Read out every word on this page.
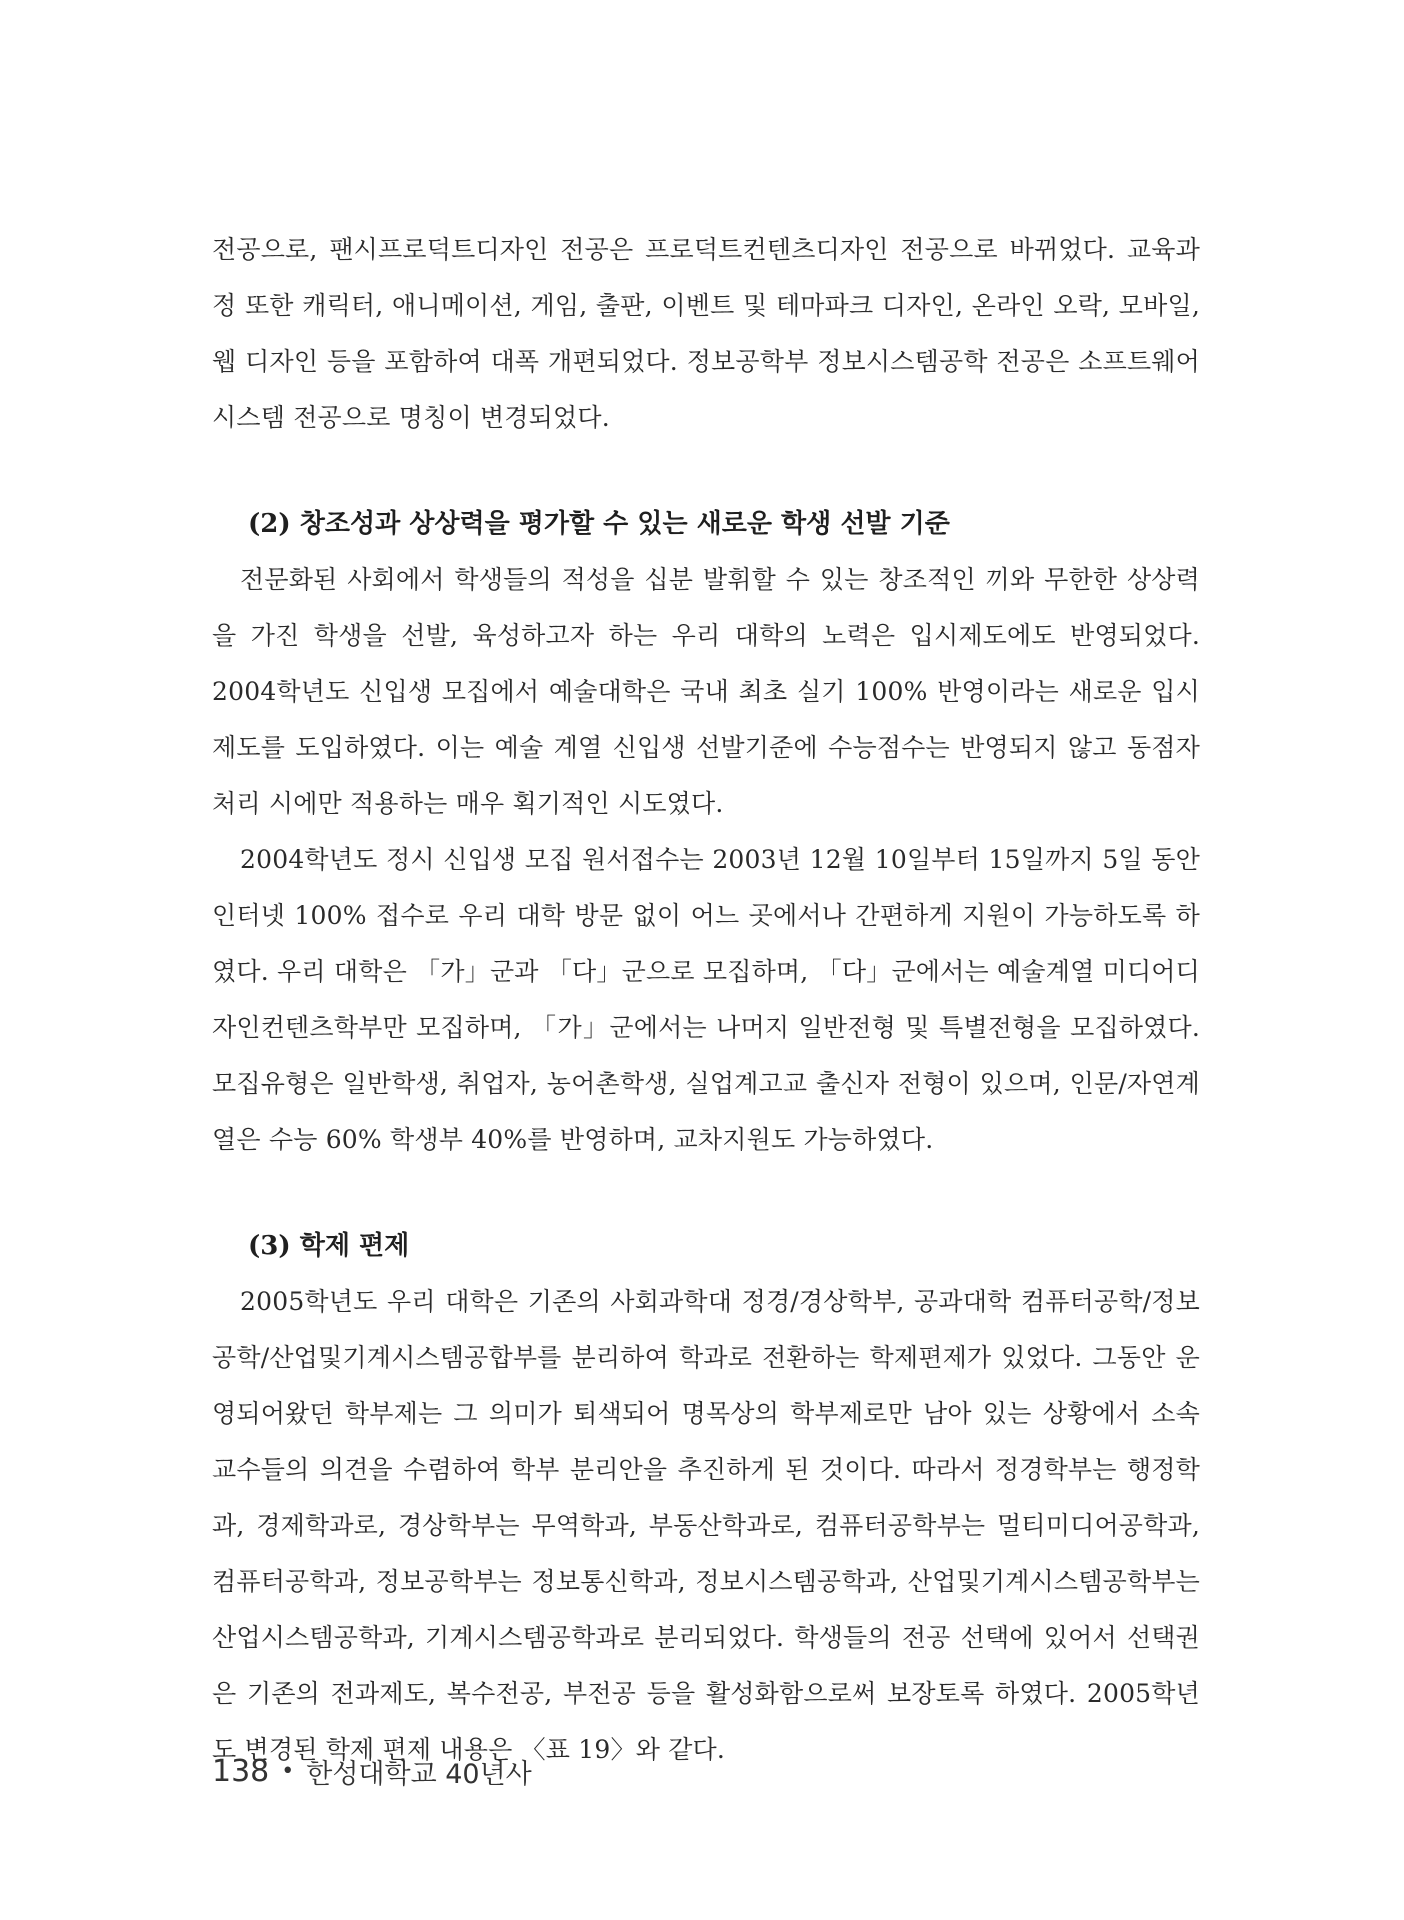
전공으로, 팬시프로덕트디자인 전공은 프로덕트컨텐츠디자인 전공으로 바뀌었다. 교육과정 또한 캐릭터, 애니메이션, 게임, 출판, 이벤트 및 테마파크 디자인, 온라인 오락, 모바일, 웹 디자인 등을 포함하여 대폭 개편되었다. 정보공학부 정보시스템공학 전공은 소프트웨어시스템 전공으로 명칭이 변경되었다.

(2) 창조성과 상상력을 평가할 수 있는 새로운 학생 선발 기준

전문화된 사회에서 학생들의 적성을 십분 발휘할 수 있는 창조적인 끼와 무한한 상상력을 가진 학생을 선발, 육성하고자 하는 우리 대학의 노력은 입시제도에도 반영되었다. 2004학년도 신입생 모집에서 예술대학은 국내 최초 실기 100% 반영이라는 새로운 입시 제도를 도입하였다. 이는 예술 계열 신입생 선발기준에 수능점수는 반영되지 않고 동점자 처리 시에만 적용하는 매우 획기적인 시도였다.

2004학년도 정시 신입생 모집 원서접수는 2003년 12월 10일부터 15일까지 5일 동안 인터넷 100% 접수로 우리 대학 방문 없이 어느 곳에서나 간편하게 지원이 가능하도록 하였다. 우리 대학은 「가」군과 「다」군으로 모집하며, 「다」군에서는 예술계열 미디어디자인컨텐츠학부만 모집하며, 「가」군에서는 나머지 일반전형 및 특별전형을 모집하였다. 모집유형은 일반학생, 취업자, 농어촌학생, 실업계고교 출신자 전형이 있으며, 인문/자연계열은 수능 60% 학생부 40%를 반영하며, 교차지원도 가능하였다.

(3) 학제 편제

2005학년도 우리 대학은 기존의 사회과학대 정경/경상학부, 공과대학 컴퓨터공학/정보공학/산업및기계시스템공합부를 분리하여 학과로 전환하는 학제편제가 있었다. 그동안 운영되어왔던 학부제는 그 의미가 퇴색되어 명목상의 학부제로만 남아 있는 상황에서 소속 교수들의 의견을 수렴하여 학부 분리안을 추진하게 된 것이다. 따라서 정경학부는 행정학과, 경제학과로, 경상학부는 무역학과, 부동산학과로, 컴퓨터공학부는 멀티미디어공학과, 컴퓨터공학과, 정보공학부는 정보통신학과, 정보시스템공학과, 산업및기계시스템공학부는 산업시스템공학과, 기계시스템공학과로 분리되었다. 학생들의 전공 선택에 있어서 선택권은 기존의 전과제도, 복수전공, 부전공 등을 활성화함으로써 보장토록 하였다. 2005학년도 변경된 학제 편제 내용은 〈표 19〉와 같다.

138 • 한성대학교 40년사
